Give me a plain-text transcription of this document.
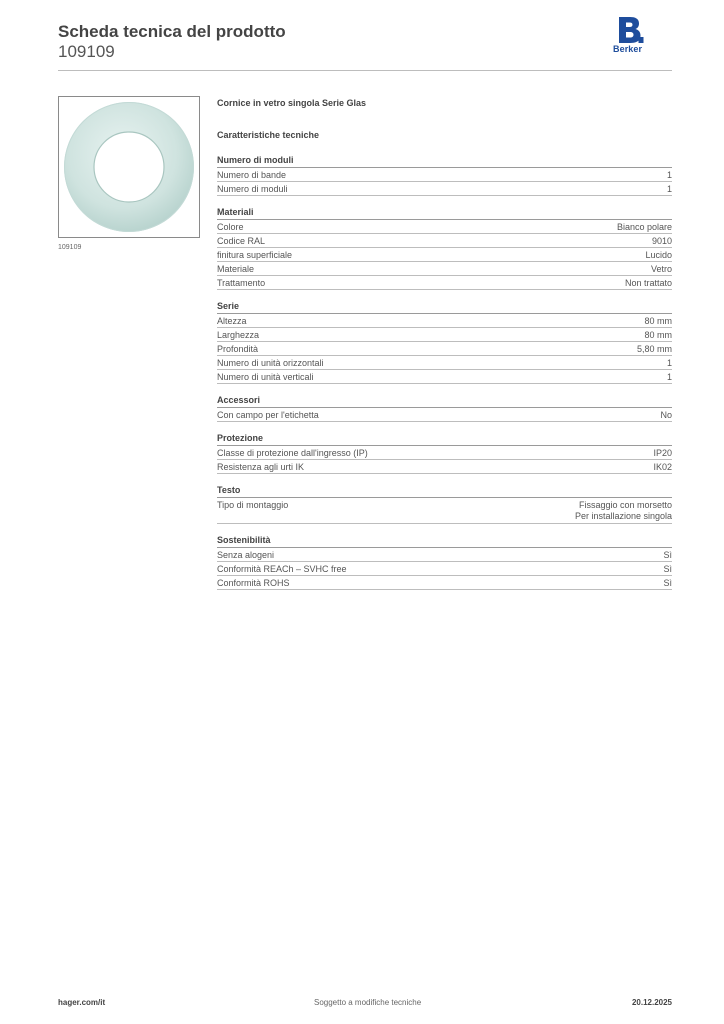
Scheda tecnica del prodotto
109109	Berker
109109
Cornice in vetro singola Serie Glas
Caratteristiche tecniche
Numero di moduli
Numero di bande	1
Numero di moduli	1
Materiali
Colore	Bianco polare
Codice RAL	9010
finitura superficiale	Lucido
Materiale	Vetro
Trattamento	Non trattato
Serie
Altezza	80 mm
Larghezza	80 mm
Profondità	5,80 mm
Numero di unità orizzontali	1
Numero di unità verticali	1
Accessori
Con campo per l'etichetta	No
Protezione
Classe di protezione dall'ingresso (IP)	IP20
Resistenza agli urti IK	IK02
Testo
Tipo di montaggio	Fissaggio con morsetto
Per installazione singola
Sostenibilità
Senza alogeni	Sì
Conformità REACh – SVHC free	Sì
Conformità ROHS	Sì
hager.com/it	Soggetto a modifiche tecniche	20.12.2025
